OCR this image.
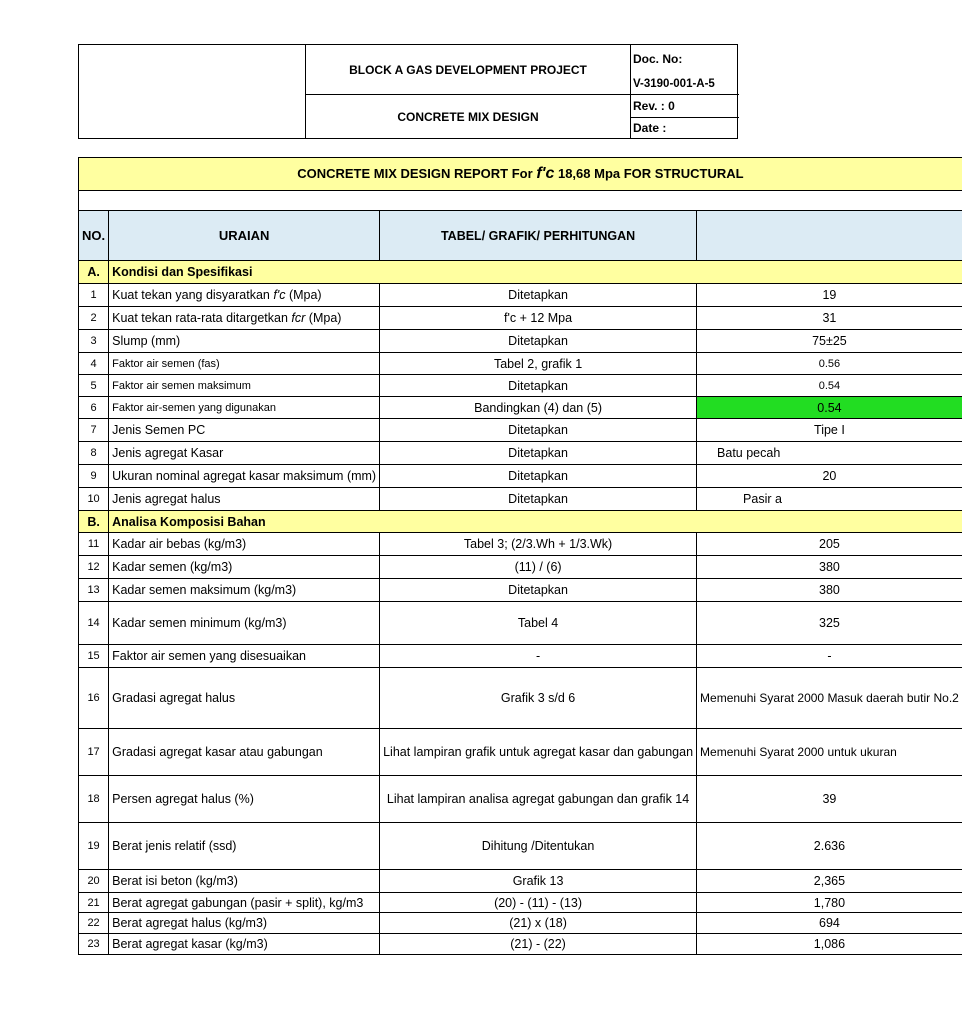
BLOCK A GAS DEVELOPMENT PROJECT
CONCRETE MIX DESIGN
Doc. No:
V-3190-001-A-5
Rev. : 0
Date :
CONCRETE MIX DESIGN REPORT For f'c 18,68 Mpa FOR STRUCTURAL			

NO.	URAIAN	TABEL/ GRAFIK/ PERHITUNGAN	
A.	Kondisi dan Spesifikasi		
1	Kuat tekan yang disyaratkan f'c (Mpa)	Ditetapkan	19
2	Kuat tekan rata-rata ditargetkan fcr (Mpa)	f'c + 12 Mpa	31
3	Slump (mm)	Ditetapkan	75±25
4	Faktor air semen (fas)	Tabel 2, grafik 1	0.56
5	Faktor air semen maksimum	Ditetapkan	0.54
6	Faktor air-semen yang digunakan	Bandingkan (4) dan (5)	0.54
7	Jenis Semen PC	Ditetapkan	Tipe I
8	Jenis agregat Kasar	Ditetapkan	Batu pecah
9	Ukuran nominal agregat kasar maksimum (mm)	Ditetapkan	20
10	Jenis agregat halus	Ditetapkan	Pasir a
B.	Analisa Komposisi Bahan		
11	Kadar air bebas (kg/m3)	Tabel 3; (2/3.Wh + 1/3.Wk)	205
12	Kadar semen (kg/m3)	(11) / (6)	380
13	Kadar semen maksimum (kg/m3)	Ditetapkan	380
14	Kadar semen minimum (kg/m3)	Tabel 4	325
15	Faktor air semen yang disesuaikan	-	-
16	Gradasi agregat halus	Grafik 3 s/d 6	Memenuhi Syarat 2000 Masuk daerah butir No.2
17	Gradasi agregat kasar atau gabungan	Lihat lampiran grafik untuk agregat kasar dan gabungan	Memenuhi Syarat 2000 untuk ukuran
18	Persen agregat halus (%)	Lihat lampiran analisa agregat gabungan dan grafik 14	39
19	Berat jenis relatif (ssd)	Dihitung /Ditentukan	2.636
20	Berat isi beton (kg/m3)	Grafik 13	2,365
21	Berat agregat gabungan (pasir + split), kg/m3	(20) - (11) - (13)	1,780
22	Berat agregat halus (kg/m3)	(21) x (18)	694
23	Berat agregat kasar (kg/m3)	(21) - (22)	1,086
